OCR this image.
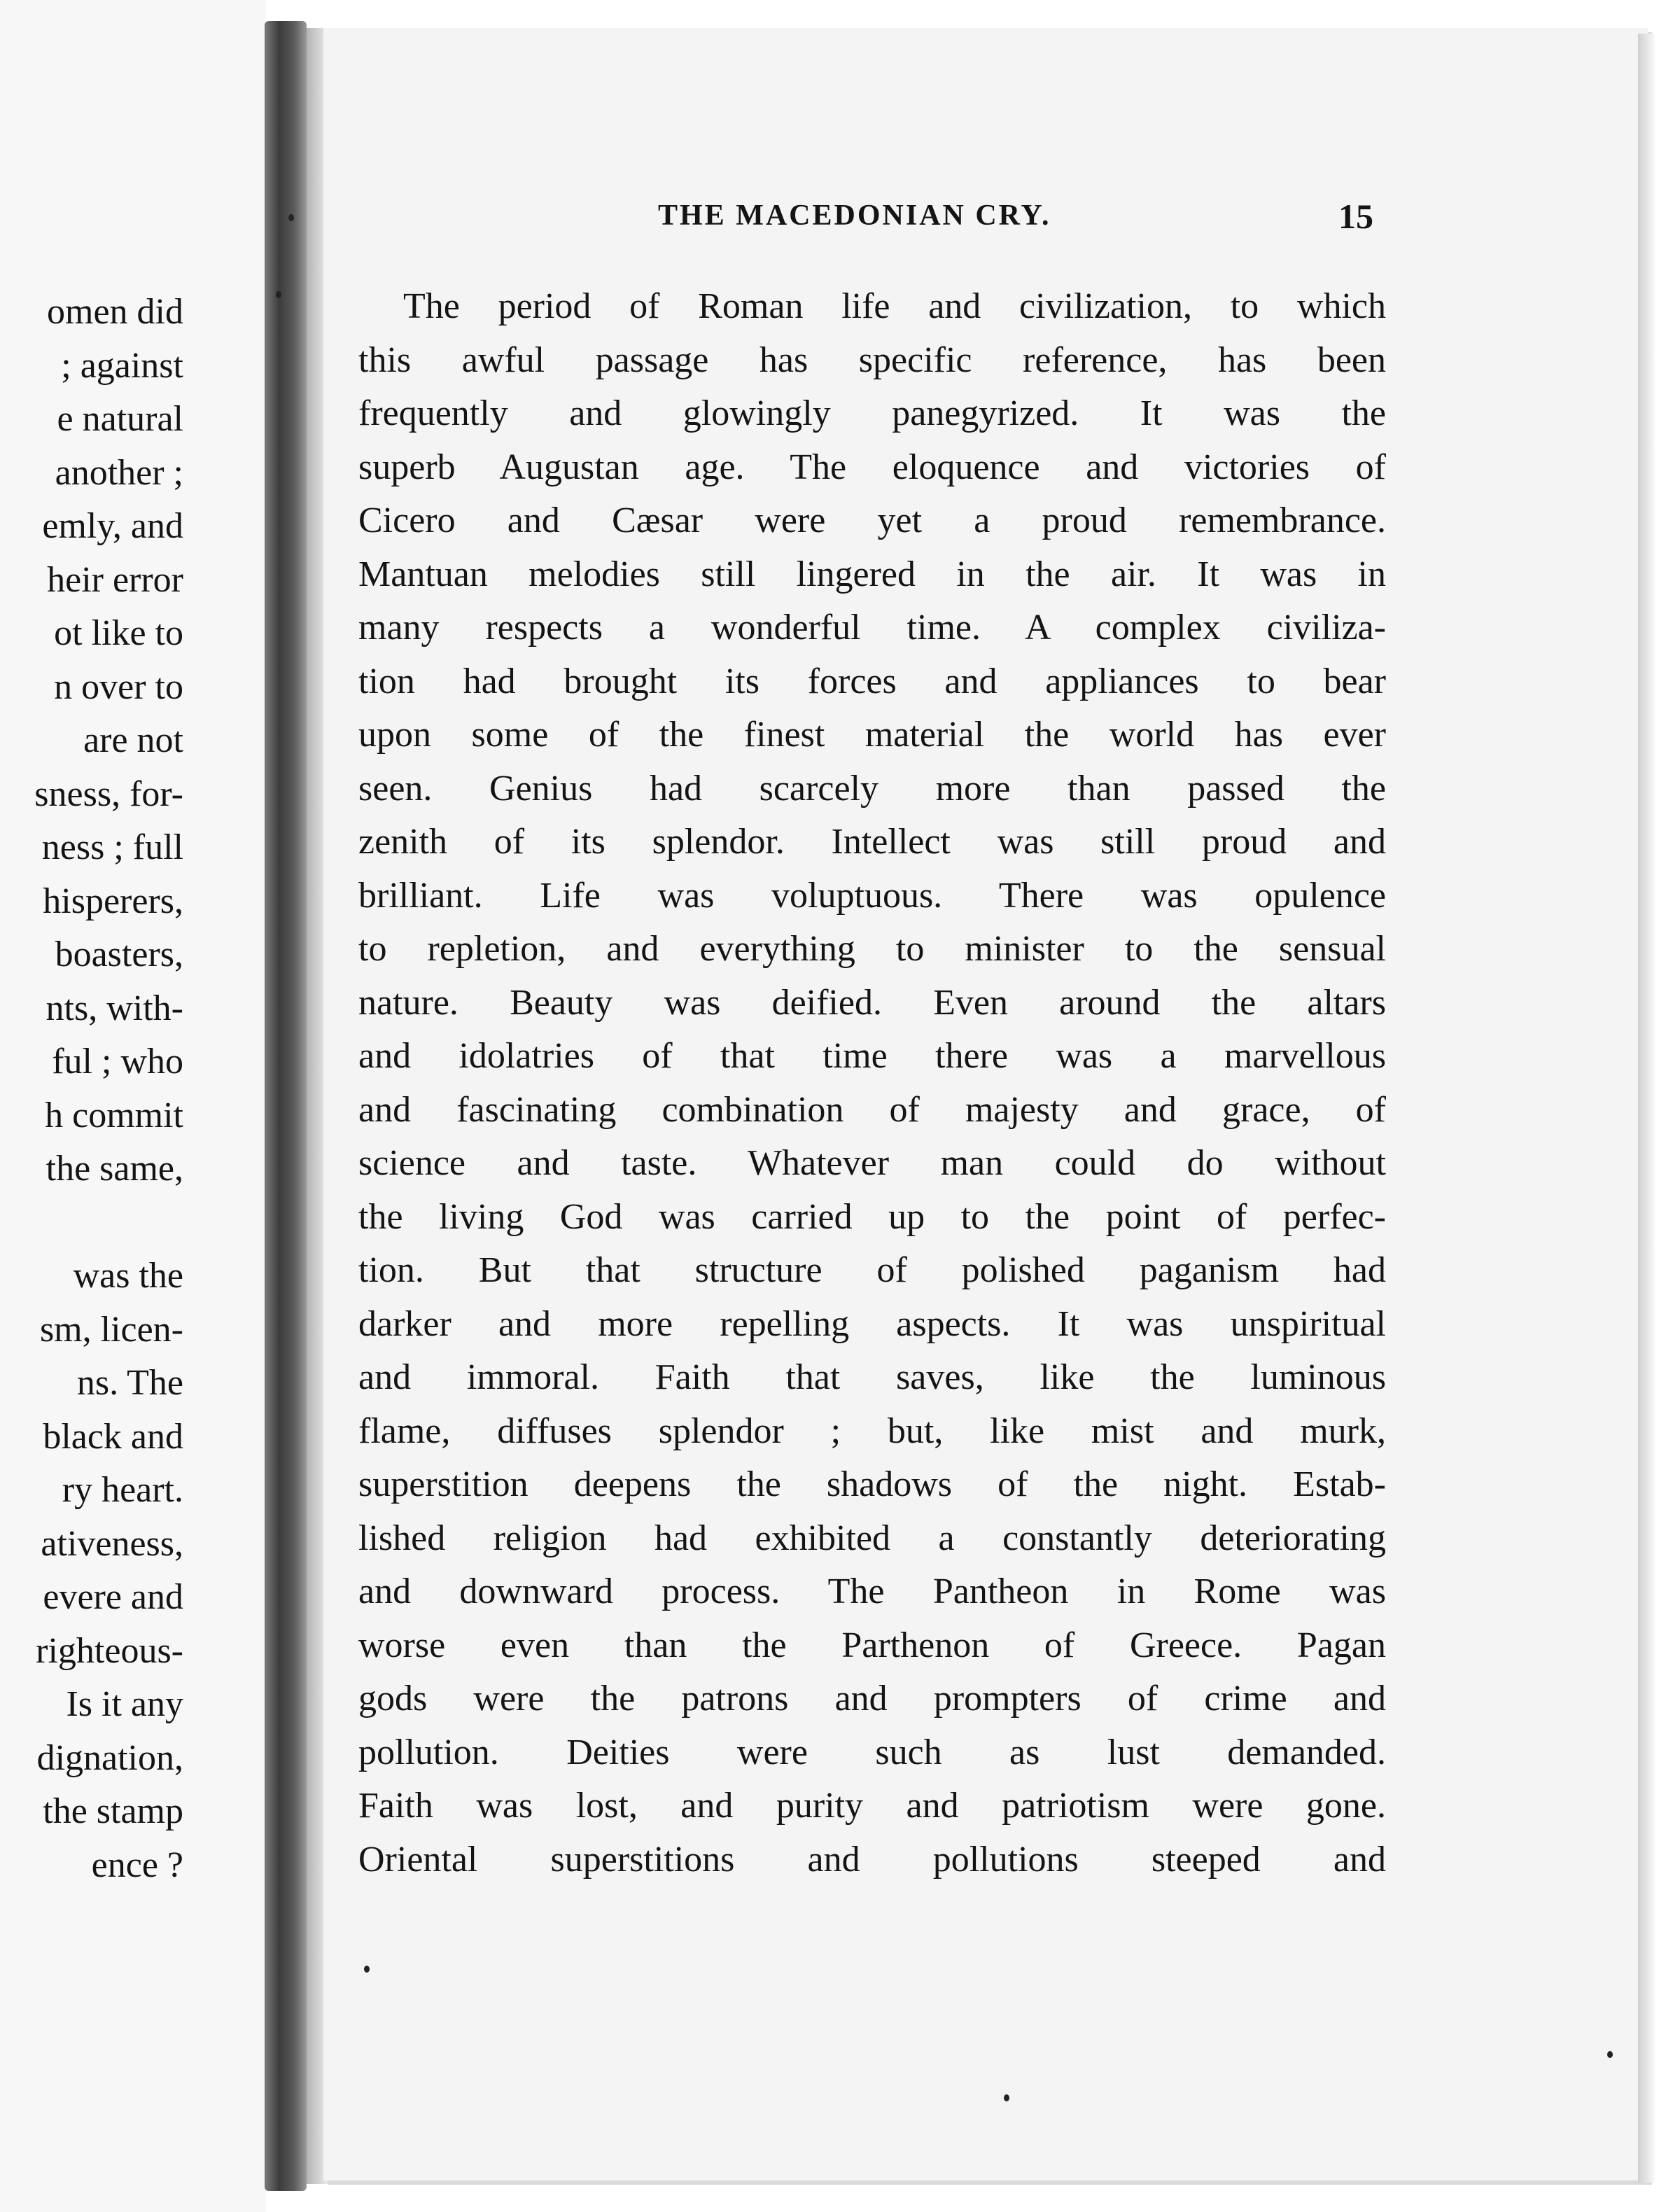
omen did
; against
e natural
another ;
emly, and
heir error
ot like to
n over to
are not
sness, for-
ness ; full
hisperers,
boasters,
nts, with-
ful ; who
h commit
the same,
was the
sm, licen-
ns. The
black and
ry heart.
ativeness,
evere and
righteous-
Is it any
dignation,
the stamp
ence ?
THE MACEDONIAN CRY.	15
The period of Roman life and civilization, to which
this awful passage has specific reference, has been
frequently and glowingly panegyrized. It was the
superb Augustan age. The eloquence and victories of
Cicero and Cæsar were yet a proud remembrance.
Mantuan melodies still lingered in the air. It was in
many respects a wonderful time. A complex civiliza-
tion had brought its forces and appliances to bear
upon some of the finest material the world has ever
seen. Genius had scarcely more than passed the
zenith of its splendor. Intellect was still proud and
brilliant. Life was voluptuous. There was opulence
to repletion, and everything to minister to the sensual
nature. Beauty was deified. Even around the altars
and idolatries of that time there was a marvellous
and fascinating combination of majesty and grace, of
science and taste. Whatever man could do without
the living God was carried up to the point of perfec-
tion. But that structure of polished paganism had
darker and more repelling aspects. It was unspiritual
and immoral. Faith that saves, like the luminous
flame, diffuses splendor ; but, like mist and murk,
superstition deepens the shadows of the night. Estab-
lished religion had exhibited a constantly deteriorating
and downward process. The Pantheon in Rome was
worse even than the Parthenon of Greece. Pagan
gods were the patrons and prompters of crime and
pollution. Deities were such as lust demanded.
Faith was lost, and purity and patriotism were gone.
Oriental superstitions and pollutions steeped and
